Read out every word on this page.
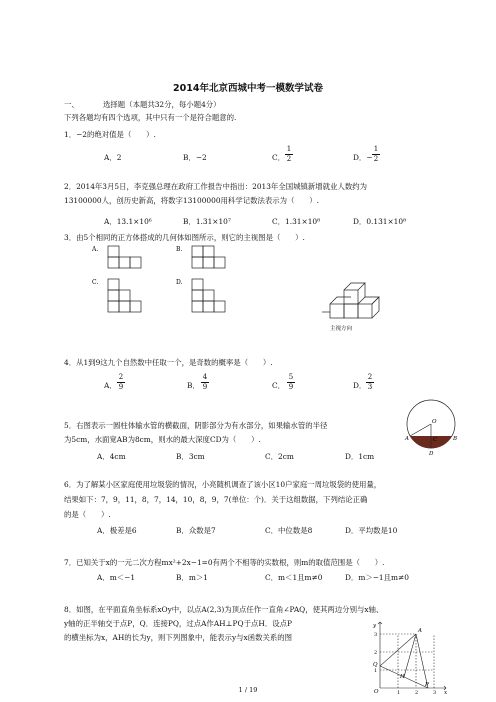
2014年北京西城中考一模数学试卷
一、	选择题（本题共32分，每小题4分）
下列各题均有四个选项，其中只有一个是符合题意的.
1．−2的绝对值是（　　）.
A．2	B．−2	C．
1
2	D．−
1
2
2．2014年3月5日，李克强总理在政府工作报告中指出：2013年全国城镇新增就业人数约为
13100000人，创历史新高，将数字13100000用科学记数法表示为（　　）.
A．13.1×10⁶	B．1.31×10⁷	C．1.31×10⁸	D．0.131×10⁸
3．由5个相同的正方体搭成的几何体如图所示，则它的主视图是（　　）.
A.	B.
C.	D.
主视方向
4．从1到9这九个自然数中任取一个，是奇数的概率是（　　）.
A．
2
9	B．
4
9	C．
5
9	D．
2
3
5．右图表示一圆柱体输水管的横截面，阴影部分为有水部分，如果输水管的半径
为5cm，水面宽AB为8cm，则水的最大深度CD为（　　）.
A．4cm	B．3cm	C．2cm	D．1cm
O
A	B
C
D
6．为了解某小区家庭使用垃圾袋的情况，小亮随机调查了该小区10户家庭一周垃圾袋的使用量，
结果如下：7，9，11，8，7，14，10，8，9，7(单位：个)．关于这组数据，下列结论正确
的是（　　）.
A．极差是6	B．众数是7	C．中位数是8	D．平均数是10
7．已知关于x的一元二次方程mx²+2x−1=0有两个不相等的实数根，则m的取值范围是（　　）.
A．m＜−1	B．m＞1	C．m＜1且m≠0	D．m＞−1且m≠0
8．如图，在平面直角坐标系xOy中，以点A(2,3)为顶点任作一直角∠PAQ，使其两边分别与x轴、
y轴的正半轴交于点P，Q．连接PQ，过点A作AH⊥PQ于点H．设点P
的横坐标为x，AH的长为y，则下列图象中，能表示y与x函数关系的图
y
x
A
Q
H
P
O
3
2
1
1	2	3
1 / 19
